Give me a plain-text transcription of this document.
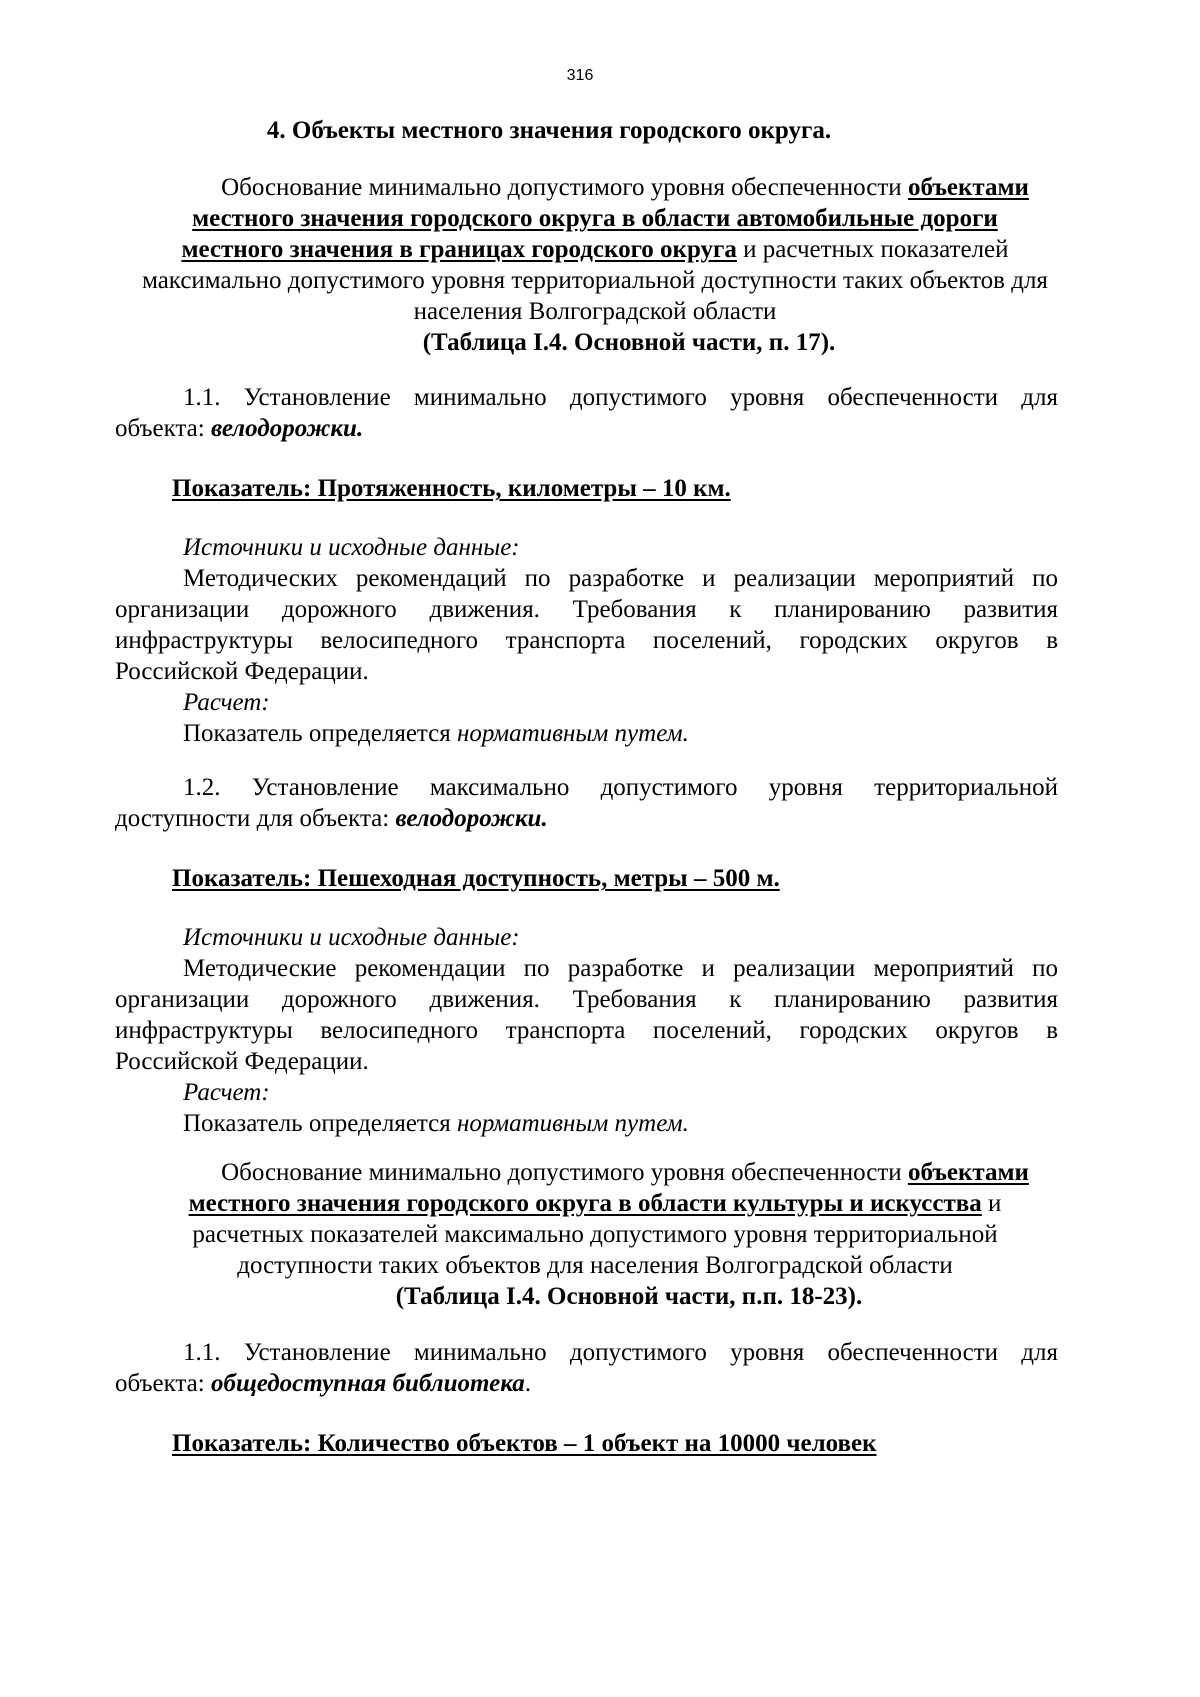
316
4. Объекты местного значения городского округа.
Обоснование минимально допустимого уровня обеспеченности объектами
местного значения городского округа в области автомобильные дороги
местного значения в границах городского округа и расчетных показателей
максимально допустимого уровня территориальной доступности таких объектов для
населения Волгоградской области
(Таблица I.4. Основной части, п. 17).
1.1. Установление минимально допустимого уровня обеспеченности для
объекта: велодорожки.
Показатель: Протяженность, километры – 10 км.
Источники и исходные данные:
Методических рекомендаций по разработке и реализации мероприятий по
организации дорожного движения. Требования к планированию развития
инфраструктуры велосипедного транспорта поселений, городских округов в
Российской Федерации.
Расчет:
Показатель определяется нормативным путем.
1.2. Установление максимально допустимого уровня территориальной
доступности для объекта: велодорожки.
Показатель: Пешеходная доступность, метры – 500 м.
Источники и исходные данные:
Методические рекомендации по разработке и реализации мероприятий по
организации дорожного движения. Требования к планированию развития
инфраструктуры велосипедного транспорта поселений, городских округов в
Российской Федерации.
Расчет:
Показатель определяется нормативным путем.
Обоснование минимально допустимого уровня обеспеченности объектами
местного значения городского округа в области культуры и искусства и
расчетных показателей максимально допустимого уровня территориальной
доступности таких объектов для населения Волгоградской области
(Таблица I.4. Основной части, п.п. 18-23).
1.1. Установление минимально допустимого уровня обеспеченности для
объекта: общедоступная библиотека.
Показатель: Количество объектов – 1 объект на 10000 человек
